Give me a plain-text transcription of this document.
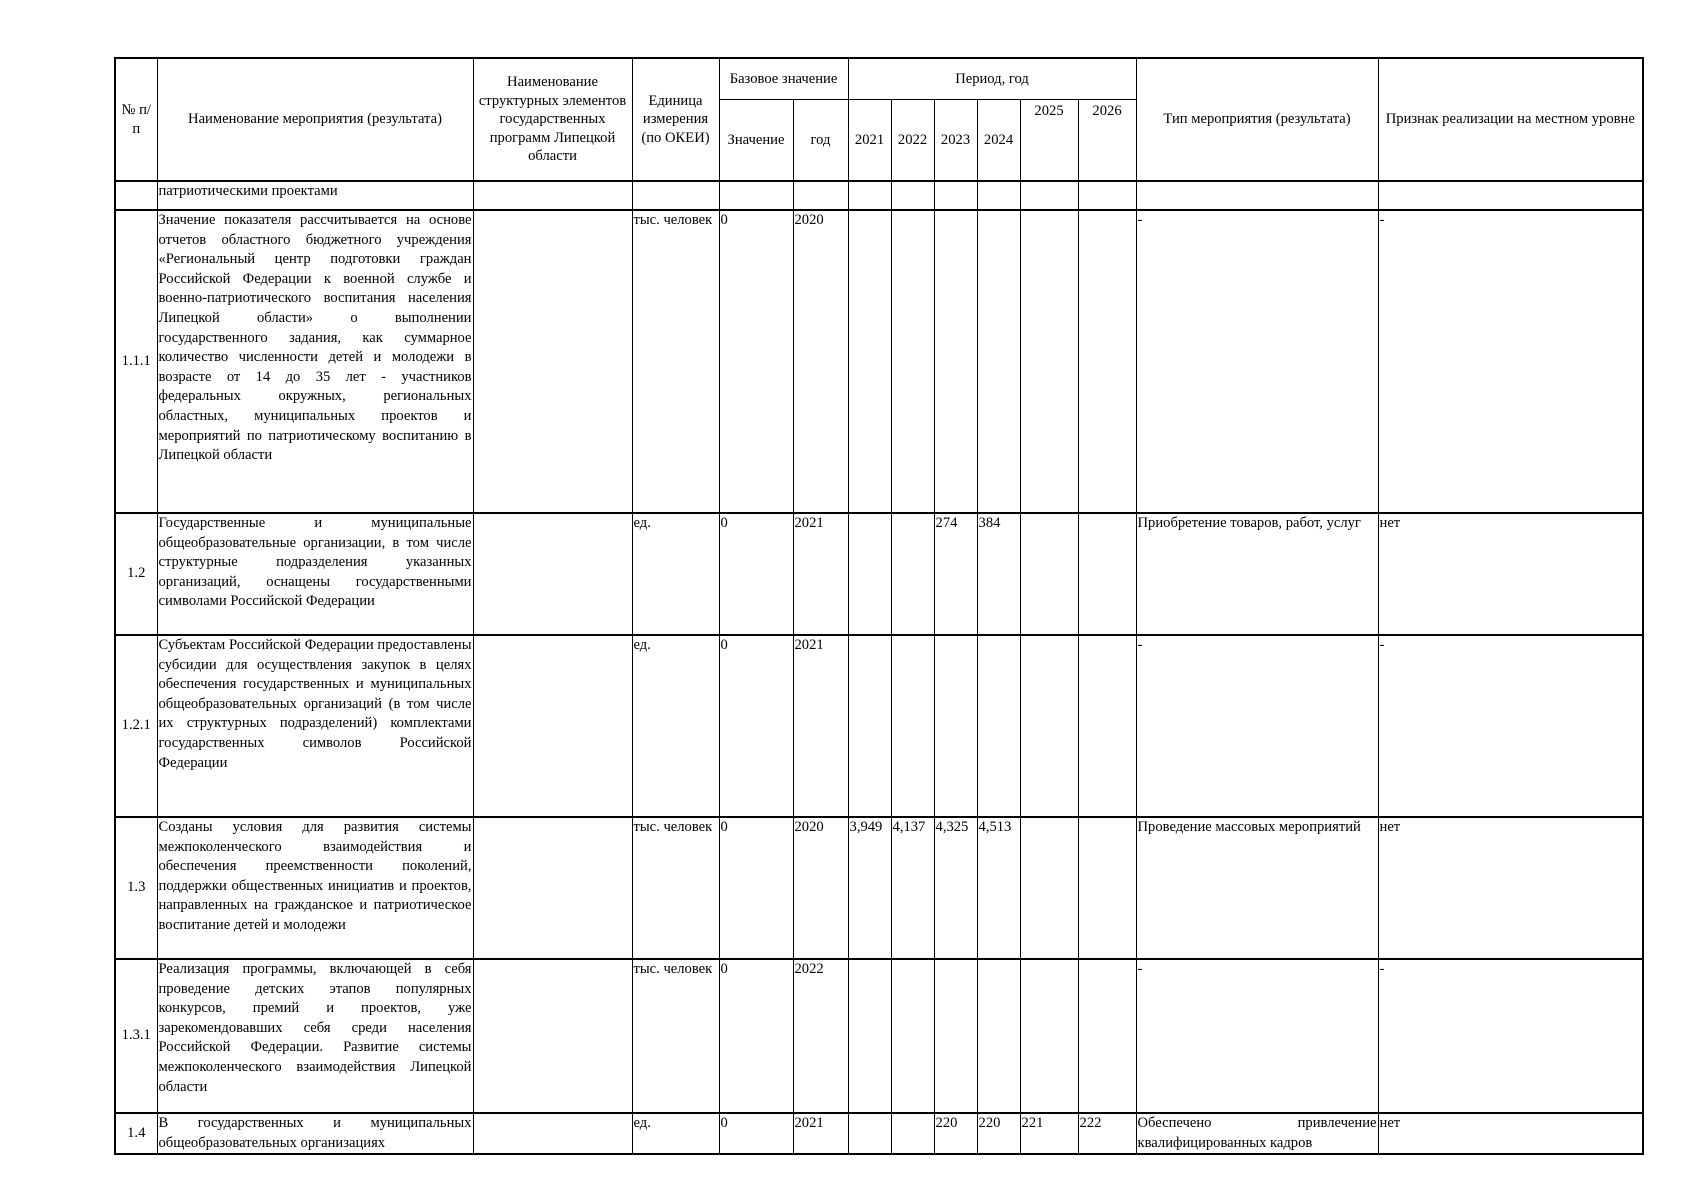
№ п/п	Наименование мероприятия (результата)	Наименование структурных элементов государственных программ Липецкой области	Единица измерения (по ОКЕИ)	Базовое значение		Период, год						Тип мероприятия (результата)	Признак реализации на местном уровне
				Значение	год	2021	2022	2023	2024	2025	2026		
	патриотическими проектами												
1.1.1	Значение показателя рассчитывается на основе отчетов областного бюджетного учреждения «Региональный центр подготовки граждан Российской Федерации к военной службе и военно-патриотического воспитания населения Липецкой области» о выполнении государственного задания, как суммарное количество численности детей и молодежи в возрасте от 14 до 35 лет - участников федеральных окружных, региональных областных, муниципальных проектов и мероприятий по патриотическому воспитанию в Липецкой области		тыс. человек	0	2020							-	-
1.2	Государственные и муниципальные общеобразовательные организации, в том числе структурные подразделения указанных организаций, оснащены государственными символами Российской Федерации		ед.	0	2021			274	384			Приобретение товаров, работ, услуг	нет
1.2.1	Субъектам Российской Федерации предоставлены субсидии для осуществления закупок в целях обеспечения государственных и муниципальных общеобразовательных организаций (в том числе их структурных подразделений) комплектами государственных символов Российской Федерации		ед.	0	2021							-	-
1.3	Созданы условия для развития системы межпоколенческого взаимодействия и обеспечения преемственности поколений, поддержки общественных инициатив и проектов, направленных на гражданское и патриотическое воспитание детей и молодежи		тыс. человек	0	2020	3,949	4,137	4,325	4,513			Проведение массовых мероприятий	нет
1.3.1	Реализация программы, включающей в себя проведение детских этапов популярных конкурсов, премий и проектов, уже зарекомендовавших себя среди населения Российской Федерации. Развитие системы межпоколенческого взаимодействия Липецкой области		тыс. человек	0	2022							-	-
1.4	В государственных и муниципальных общеобразовательных организациях		ед.	0	2021			220	220	221	222	Обеспечено привлечение квалифицированных кадров	нет
